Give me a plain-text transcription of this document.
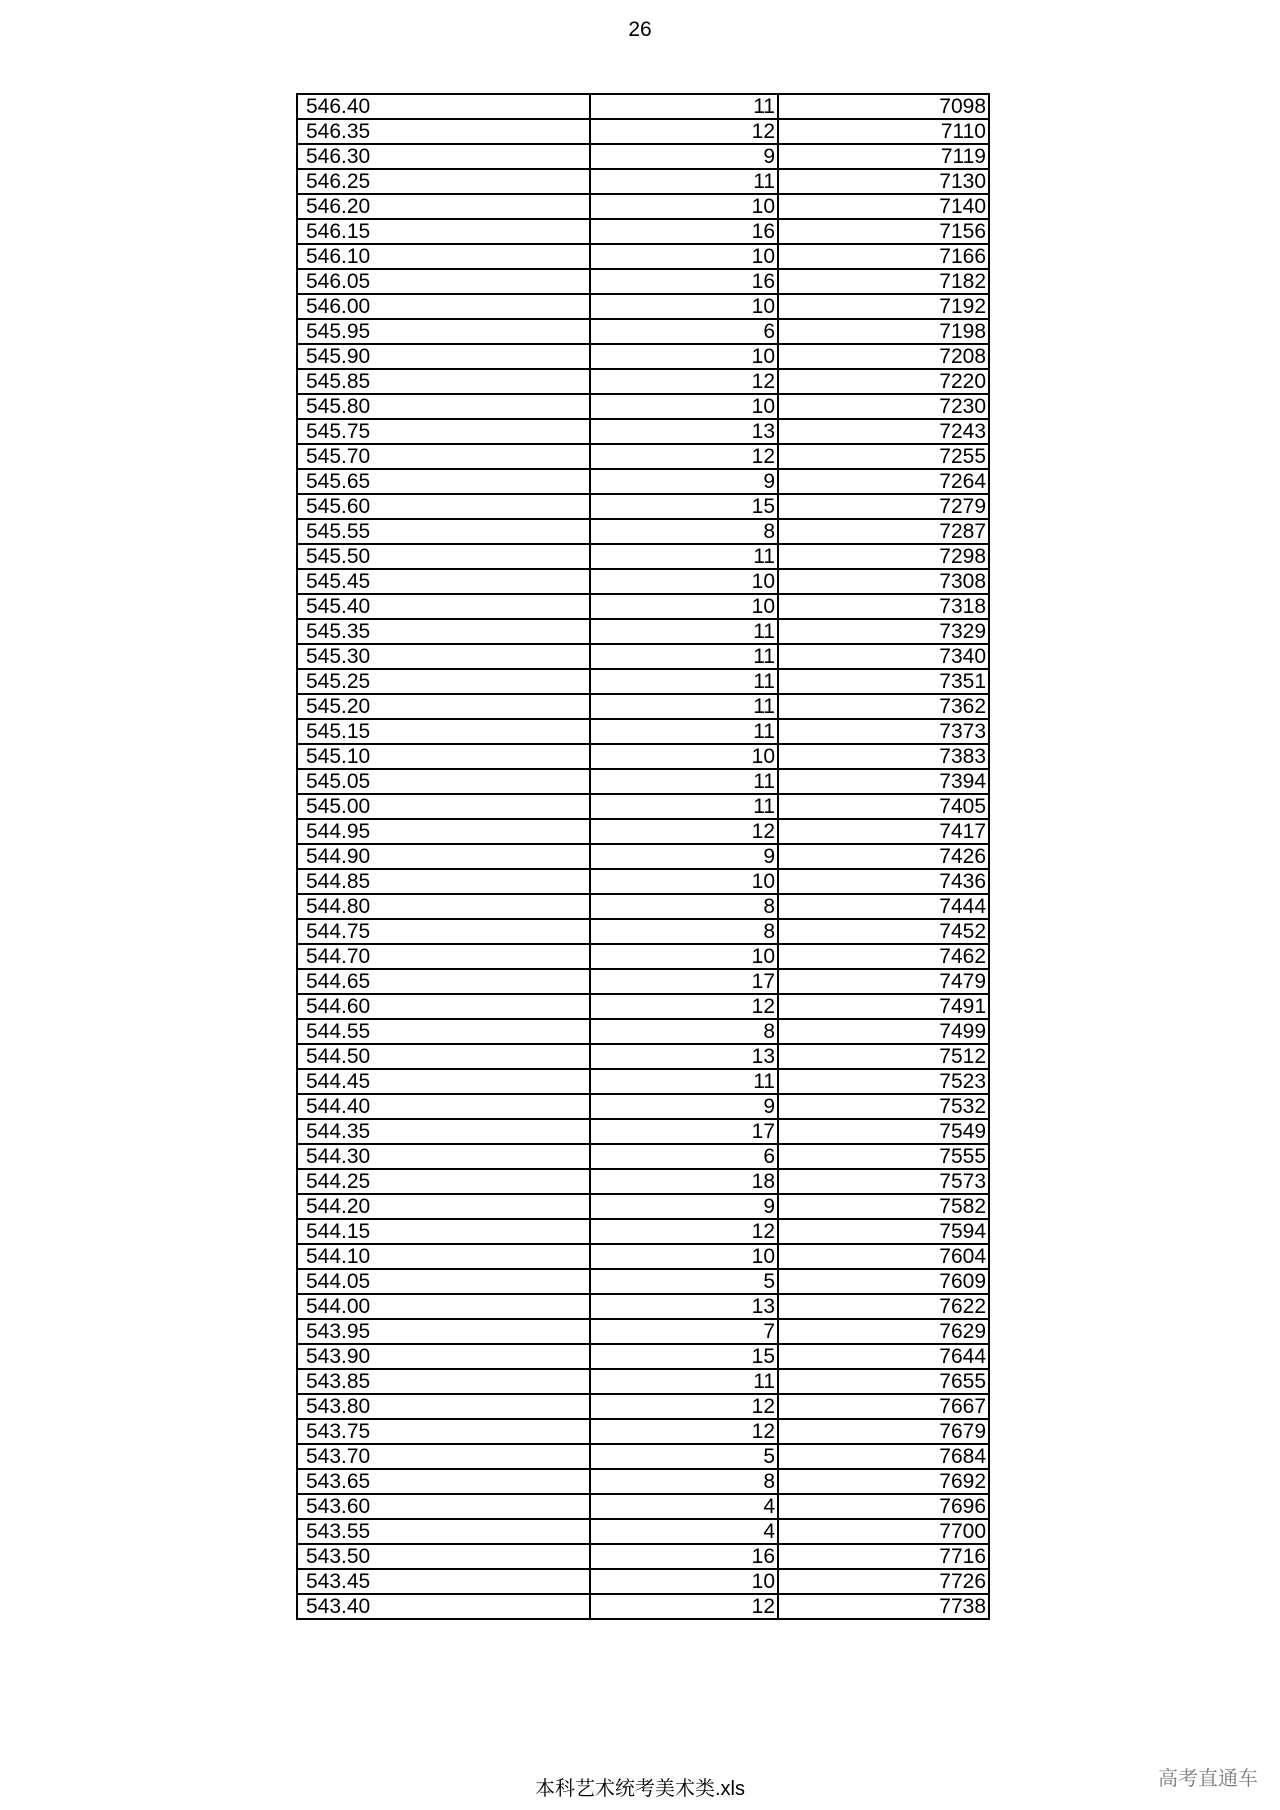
26
546.40	11	7098
546.35	12	7110
546.30	9	7119
546.25	11	7130
546.20	10	7140
546.15	16	7156
546.10	10	7166
546.05	16	7182
546.00	10	7192
545.95	6	7198
545.90	10	7208
545.85	12	7220
545.80	10	7230
545.75	13	7243
545.70	12	7255
545.65	9	7264
545.60	15	7279
545.55	8	7287
545.50	11	7298
545.45	10	7308
545.40	10	7318
545.35	11	7329
545.30	11	7340
545.25	11	7351
545.20	11	7362
545.15	11	7373
545.10	10	7383
545.05	11	7394
545.00	11	7405
544.95	12	7417
544.90	9	7426
544.85	10	7436
544.80	8	7444
544.75	8	7452
544.70	10	7462
544.65	17	7479
544.60	12	7491
544.55	8	7499
544.50	13	7512
544.45	11	7523
544.40	9	7532
544.35	17	7549
544.30	6	7555
544.25	18	7573
544.20	9	7582
544.15	12	7594
544.10	10	7604
544.05	5	7609
544.00	13	7622
543.95	7	7629
543.90	15	7644
543.85	11	7655
543.80	12	7667
543.75	12	7679
543.70	5	7684
543.65	8	7692
543.60	4	7696
543.55	4	7700
543.50	16	7716
543.45	10	7726
543.40	12	7738
本科艺术统考美术类.xls	高考直通车
